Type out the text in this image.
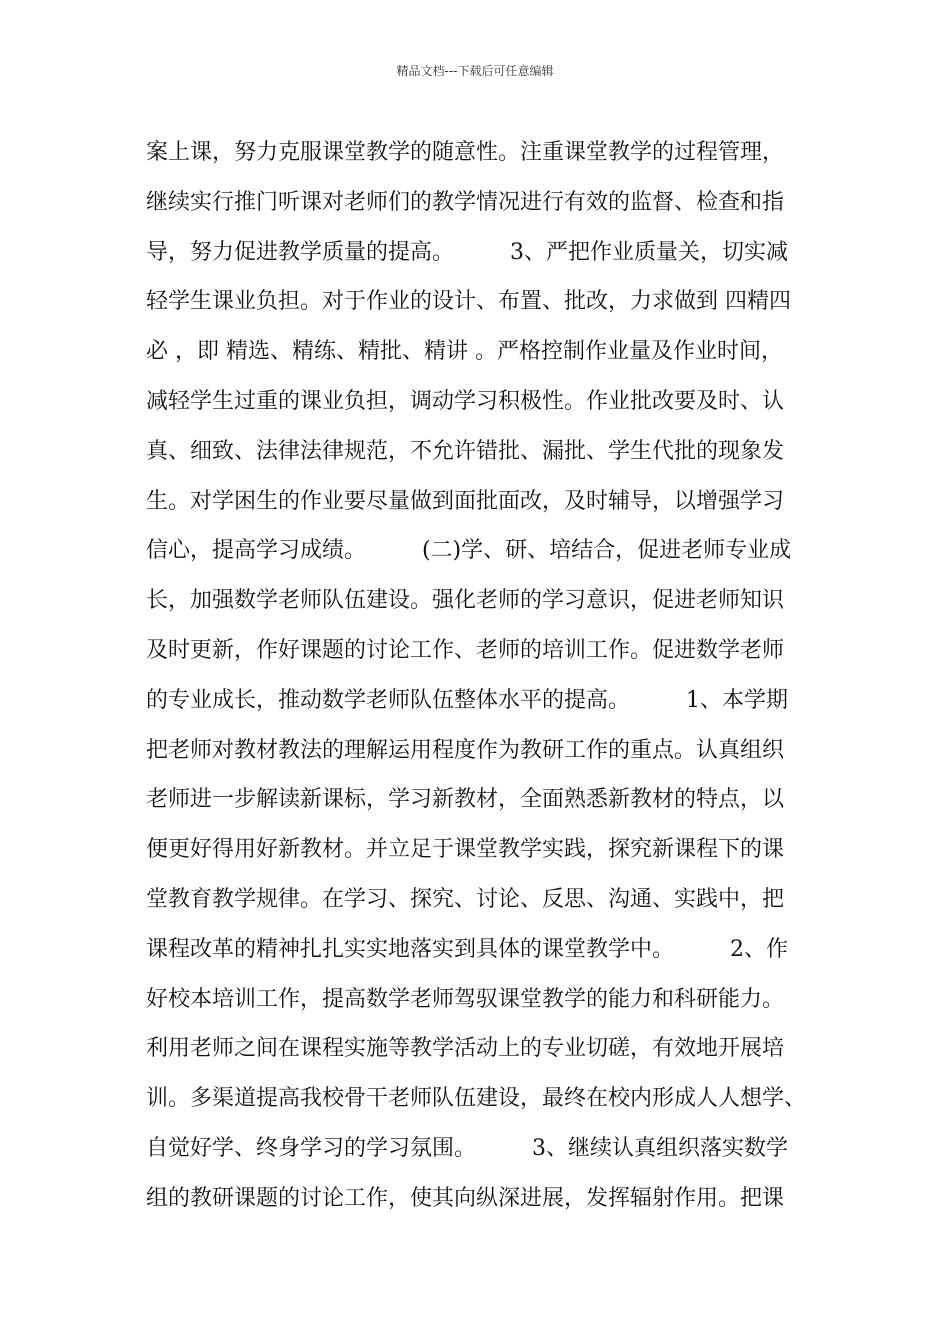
精品文档---下载后可任意编辑
案上课，努力克服课堂教学的随意性。注重课堂教学的过程管理，
继续实行推门听课对老师们的教学情况进行有效的监督、检查和指
导，努力促进教学质量的提高。        3、严把作业质量关，切实减
轻学生课业负担。对于作业的设计、布置、批改，力求做到 四精四
必 ，即 精选、精练、精批、精讲 。严格控制作业量及作业时间，
减轻学生过重的课业负担，调动学习积极性。作业批改要及时、认
真、细致、法律法律规范，不允许错批、漏批、学生代批的现象发
生。对学困生的作业要尽量做到面批面改，及时辅导，以增强学习
信心，提高学习成绩。        (二)学、研、培结合，促进老师专业成
长，加强数学老师队伍建设。强化老师的学习意识，促进老师知识
及时更新，作好课题的讨论工作、老师的培训工作。促进数学老师
的专业成长，推动数学老师队伍整体水平的提高。        1、本学期
把老师对教材教法的理解运用程度作为教研工作的重点。认真组织
老师进一步解读新课标，学习新教材，全面熟悉新教材的特点，以
便更好得用好新教材。并立足于课堂教学实践，探究新课程下的课
堂教育教学规律。在学习、探究、讨论、反思、沟通、实践中，把
课程改革的精神扎扎实实地落实到具体的课堂教学中。        2、作
好校本培训工作，提高数学老师驾驭课堂教学的能力和科研能力。
利用老师之间在课程实施等教学活动上的专业切磋，有效地开展培
训。多渠道提高我校骨干老师队伍建设，最终在校内形成人人想学、
自觉好学、终身学习的学习氛围。        3、继续认真组织落实数学
组的教研课题的讨论工作，使其向纵深进展，发挥辐射作用。把课
